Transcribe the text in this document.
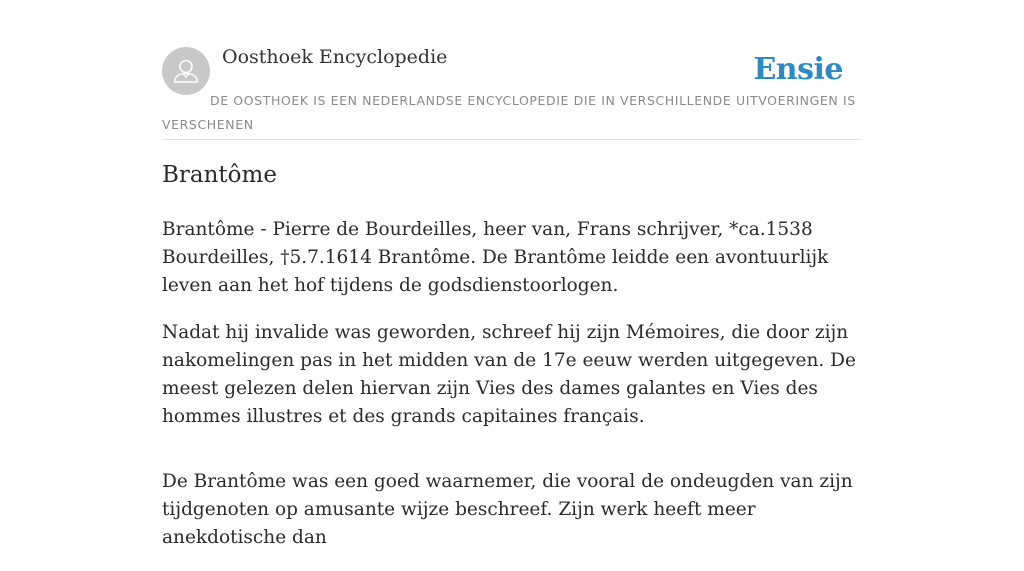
Oosthoek Encyclopedie	Ensie
DE OOSTHOEK IS EEN NEDERLANDSE ENCYCLOPEDIE DIE IN VERSCHILLENDE UITVOERINGEN IS VERSCHENEN
Brantôme

Brantôme - Pierre de Bourdeilles, heer van, Frans schrijver, *ca.1538 Bourdeilles, †5.7.1614 Brantôme. De Brantôme leidde een avontuurlijk leven aan het hof tijdens de godsdienstoorlogen.

Nadat hij invalide was geworden, schreef hij zijn Mémoires, die door zijn nakomelingen pas in het midden van de 17e eeuw werden uitgegeven. De meest gelezen delen hiervan zijn Vies des dames galantes en Vies des hommes illustres et des grands capitaines français.

De Brantôme was een goed waarnemer, die vooral de ondeugden van zijn tijdgenoten op amusante wijze beschreef. Zijn werk heeft meer anekdotische dan
